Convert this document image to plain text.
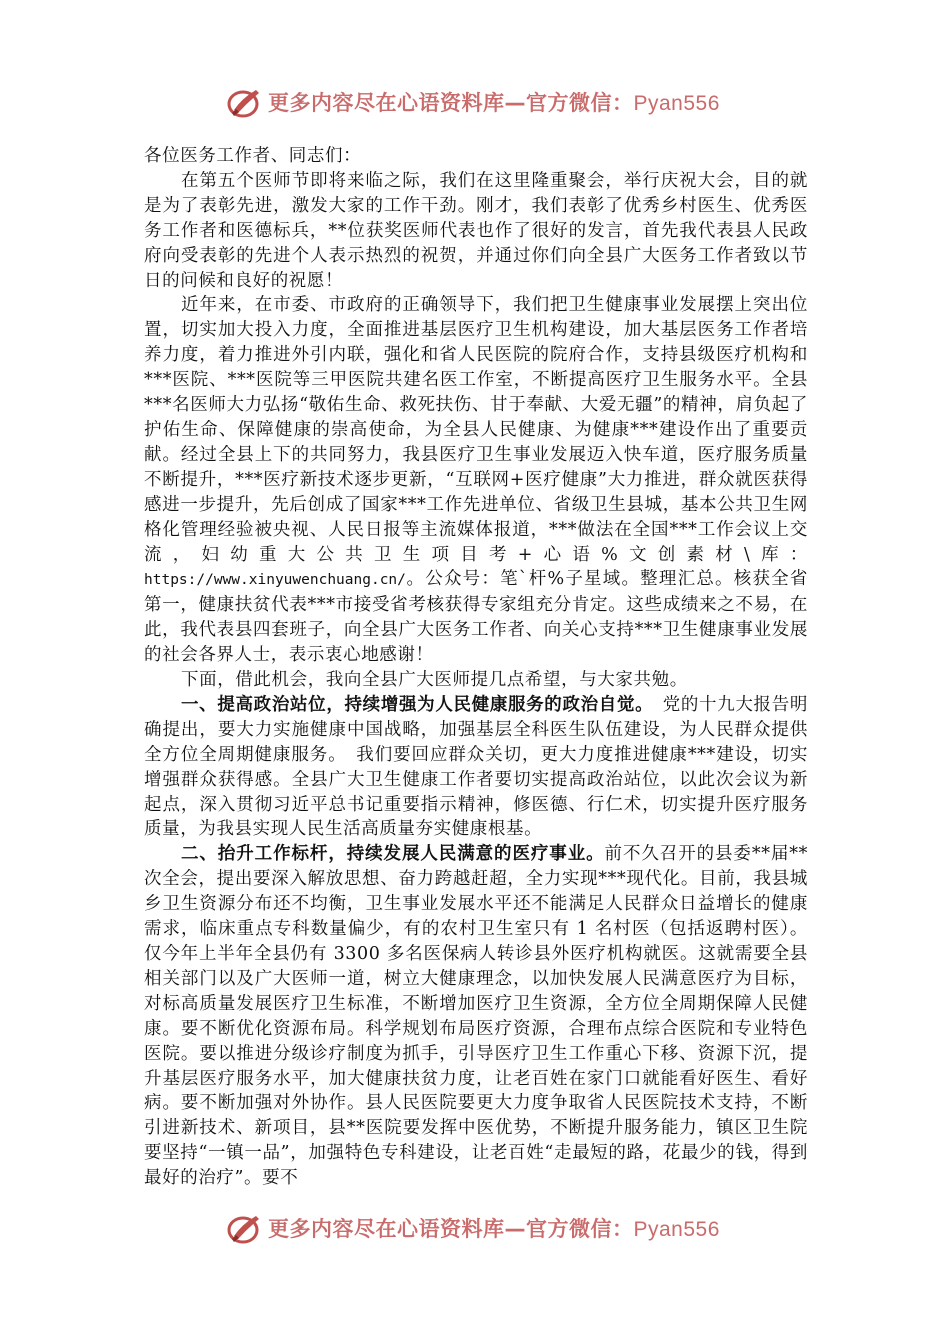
更多内容尽在心语资料库—官方微信：Pyan556

各位医务工作者、同志们：

在第五个医师节即将来临之际，我们在这里隆重聚会，举行庆祝大会，目的就是为了表彰先进，激发大家的工作干劲。刚才，我们表彰了优秀乡村医生、优秀医务工作者和医德标兵，**位获奖医师代表也作了很好的发言，首先我代表县人民政府向受表彰的先进个人表示热烈的祝贺，并通过你们向全县广大医务工作者致以节日的问候和良好的祝愿！

近年来，在市委、市政府的正确领导下，我们把卫生健康事业发展摆上突出位置，切实加大投入力度，全面推进基层医疗卫生机构建设，加大基层医务工作者培养力度，着力推进外引内联，强化和省人民医院的院府合作，支持县级医疗机构和***医院、***医院等三甲医院共建名医工作室，不断提高医疗卫生服务水平。全县***名医师大力弘扬“敬佑生命、救死扶伤、甘于奉献、大爱无疆”的精神，肩负起了护佑生命、保障健康的崇高使命，为全县人民健康、为健康***建设作出了重要贡献。经过全县上下的共同努力，我县医疗卫生事业发展迈入快车道，医疗服务质量不断提升，***医疗新技术逐步更新，“互联网+医疗健康”大力推进，群众就医获得感进一步提升，先后创成了国家***工作先进单位、省级卫生县城，基本公共卫生网格化管理经验被央视、人民日报等主流媒体报道，***做法在全国***工作会议上交流，妇幼重大公共卫生项目考+心语%文创素材\库：https://www.xinyuwenchuang.cn/。公众号：笔`杆%子星域。整理汇总。核获全省第一，健康扶贫代表***市接受省考核获得专家组充分肯定。这些成绩来之不易，在此，我代表县四套班子，向全县广大医务工作者、向关心支持***卫生健康事业发展的社会各界人士，表示衷心地感谢！

下面，借此机会，我向全县广大医师提几点希望，与大家共勉。

一、提高政治站位，持续增强为人民健康服务的政治自觉。　党的十九大报告明确提出，要大力实施健康中国战略，加强基层全科医生队伍建设，为人民群众提供全方位全周期健康服务。　我们要回应群众关切，更大力度推进健康***建设，切实增强群众获得感。全县广大卫生健康工作者要切实提高政治站位，以此次会议为新起点，深入贯彻习近平总书记重要指示精神，修医德、行仁术，切实提升医疗服务质量，为我县实现人民生活高质量夯实健康根基。

二、抬升工作标杆，持续发展人民满意的医疗事业。前不久召开的县委**届**次全会，提出要深入解放思想、奋力跨越赶超，全力实现***现代化。目前，我县城乡卫生资源分布还不均衡，卫生事业发展水平还不能满足人民群众日益增长的健康需求，临床重点专科数量偏少，有的农村卫生室只有 1 名村医（包括返聘村医）。仅今年上半年全县仍有 3300 多名医保病人转诊县外医疗机构就医。这就需要全县相关部门以及广大医师一道，树立大健康理念，以加快发展人民满意医疗为目标，对标高质量发展医疗卫生标准，不断增加医疗卫生资源，全方位全周期保障人民健康。要不断优化资源布局。科学规划布局医疗资源，合理布点综合医院和专业特色医院。要以推进分级诊疗制度为抓手，引导医疗卫生工作重心下移、资源下沉，提升基层医疗服务水平，加大健康扶贫力度，让老百姓在家门口就能看好医生、看好病。要不断加强对外协作。县人民医院要更大力度争取省人民医院技术支持，不断引进新技术、新项目，县**医院要发挥中医优势，不断提升服务能力，镇区卫生院要坚持“一镇一品”，加强特色专科建设，让老百姓“走最短的路，花最少的钱，得到最好的治疗”。要不

更多内容尽在心语资料库—官方微信：Pyan556
